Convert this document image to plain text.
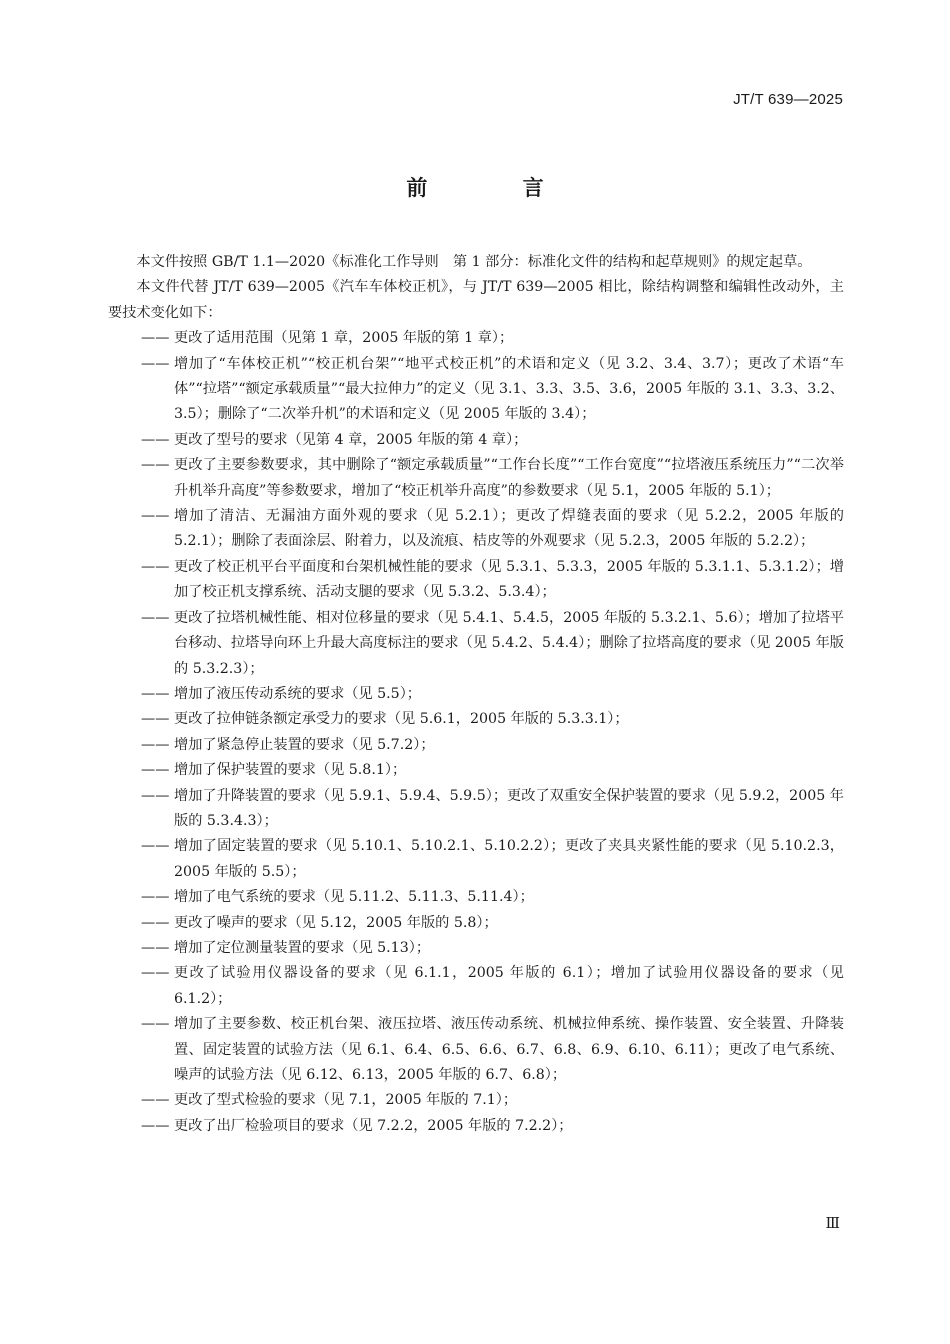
JT/T 639—2025
前 言

本文件按照 GB/T 1.1—2020《标准化工作导则　第 1 部分：标准化文件的结构和起草规则》的规定起草。

本文件代替 JT/T 639—2005《汽车车体校正机》，与 JT/T 639—2005 相比，除结构调整和编辑性改动外，主要技术变化如下：

—— 更改了适用范围（见第 1 章，2005 年版的第 1 章）；

—— 增加了“车体校正机”“校正机台架”“地平式校正机”的术语和定义（见 3.2、3.4、3.7）；更改了术语“车体”“拉塔”“额定承载质量”“最大拉伸力”的定义（见 3.1、3.3、3.5、3.6，2005 年版的 3.1、3.3、3.2、3.5）；删除了“二次举升机”的术语和定义（见 2005 年版的 3.4）；

—— 更改了型号的要求（见第 4 章，2005 年版的第 4 章）；

—— 更改了主要参数要求，其中删除了“额定承载质量”“工作台长度”“工作台宽度”“拉塔液压系统压力”“二次举升机举升高度”等参数要求，增加了“校正机举升高度”的参数要求（见 5.1，2005 年版的 5.1）；

—— 增加了清洁、无漏油方面外观的要求（见 5.2.1）；更改了焊缝表面的要求（见 5.2.2，2005 年版的 5.2.1）；删除了表面涂层、附着力，以及流痕、桔皮等的外观要求（见 5.2.3，2005 年版的 5.2.2）；

—— 更改了校正机平台平面度和台架机械性能的要求（见 5.3.1、5.3.3，2005 年版的 5.3.1.1、5.3.1.2）；增加了校正机支撑系统、活动支腿的要求（见 5.3.2、5.3.4）；

—— 更改了拉塔机械性能、相对位移量的要求（见 5.4.1、5.4.5，2005 年版的 5.3.2.1、5.6）；增加了拉塔平台移动、拉塔导向环上升最大高度标注的要求（见 5.4.2、5.4.4）；删除了拉塔高度的要求（见 2005 年版的 5.3.2.3）；

—— 增加了液压传动系统的要求（见 5.5）；

—— 更改了拉伸链条额定承受力的要求（见 5.6.1，2005 年版的 5.3.3.1）；

—— 增加了紧急停止装置的要求（见 5.7.2）；

—— 增加了保护装置的要求（见 5.8.1）；

—— 增加了升降装置的要求（见 5.9.1、5.9.4、5.9.5）；更改了双重安全保护装置的要求（见 5.9.2，2005 年版的 5.3.4.3）；

—— 增加了固定装置的要求（见 5.10.1、5.10.2.1、5.10.2.2）；更改了夹具夹紧性能的要求（见 5.10.2.3，2005 年版的 5.5）；

—— 增加了电气系统的要求（见 5.11.2、5.11.3、5.11.4）；

—— 更改了噪声的要求（见 5.12，2005 年版的 5.8）；

—— 增加了定位测量装置的要求（见 5.13）；

—— 更改了试验用仪器设备的要求（见 6.1.1，2005 年版的 6.1）；增加了试验用仪器设备的要求（见 6.1.2）；

—— 增加了主要参数、校正机台架、液压拉塔、液压传动系统、机械拉伸系统、操作装置、安全装置、升降装置、固定装置的试验方法（见 6.1、6.4、6.5、6.6、6.7、6.8、6.9、6.10、6.11）；更改了电气系统、噪声的试验方法（见 6.12、6.13，2005 年版的 6.7、6.8）；

—— 更改了型式检验的要求（见 7.1，2005 年版的 7.1）；

—— 更改了出厂检验项目的要求（见 7.2.2，2005 年版的 7.2.2）；

Ⅲ
